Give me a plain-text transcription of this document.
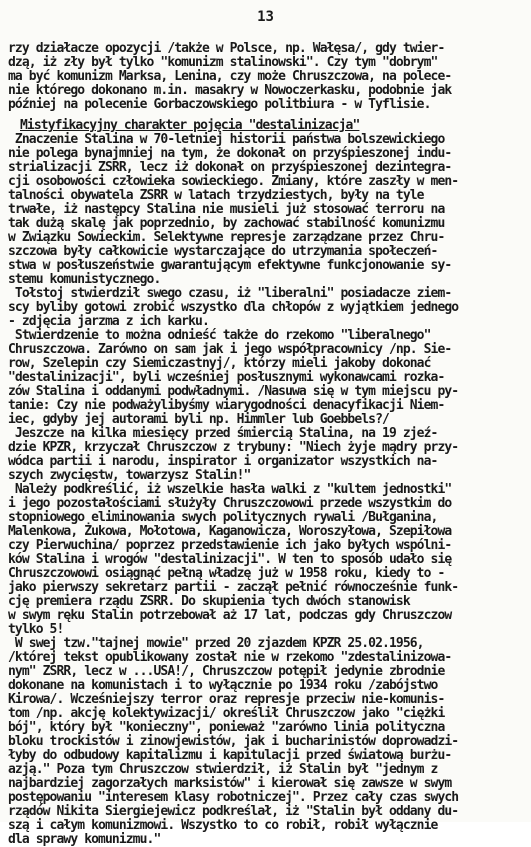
13
rzy działacze opozycji /także w Polsce, np. Wałęsa/, gdy twier-
dzą, iż zły był tylko "komunizm stalinowski". Czy tym "dobrym"
ma być komunizm Marksa, Lenina, czy może Chruszczowa, na polece-
nie którego dokonano m.in. masakry w Nowoczerkasku, podobnie jak
później na polecenie Gorbaczowskiego politbiura - w Tyflisie.
Mistyfikacyjny charakter pojęcia "destalinizacja"
Znaczenie Stalina w 70-letniej historii państwa bolszewickiego
nie polega bynajmniej na tym, że dokonał on przyśpieszonej indu-
strializacji ZSRR, lecz iż dokonał on przyśpieszonej dezintegra-
cji osobowości człowieka sowieckiego. Zmiany, które zaszły w men-
talności obywatela ZSRR w latach trzydziestych, były na tyle
trwałe, iż następcy Stalina nie musieli już stosować terroru na
tak dużą skalę jak poprzednio, by zachować stabilność komunizmu
w Związku Sowieckim. Selektywne represje zarządzane przez Chru-
szczowa były całkowicie wystarczające do utrzymania społeczeń-
stwa w posłuszeństwie gwarantującym efektywne funkcjonowanie sy-
stemu komunistycznego.
Tołstoj stwierdził swego czasu, iż "liberalni" posiadacze ziem-
scy byliby gotowi zrobić wszystko dla chłopów z wyjątkiem jednego
- zdjęcia jarzma z ich karku.
Stwierdzenie to można odnieść także do rzekomo "liberalnego"
Chruszczowa. Zarówno on sam jak i jego współpracownicy /np. Sie-
row, Szelepin czy Siemiczastnyj/, którzy mieli jakoby dokonać
"destalinizacji", byli wcześniej posłusznymi wykonawcami rozka-
zów Stalina i oddanymi podwładnymi. /Nasuwa się w tym miejscu py-
tanie: Czy nie podważylibyśmy wiarygodności denacyfikacji Niem-
iec, gdyby jej autorami byli np. Himmler lub Goebbels?/
Jeszcze na kilka miesięcy przed śmiercią Stalina, na 19 zjeź-
dzie KPZR, krzyczał Chruszczow z trybuny: "Niech żyje mądry przy-
wódca partii i narodu, inspirator i organizator wszystkich na-
szych zwycięstw, towarzysz Stalin!"
Należy podkreślić, iż wszelkie hasła walki z "kultem jednostki"
i jego pozostałościami służyły Chruszczowowi przede wszystkim do
stopniowego eliminowania swych politycznych rywali /Bułganina,
Malenkowa, Żukowa, Mołotowa, Kaganowicza, Woroszyłowa, Szepiłowa
czy Pierwuchina/ poprzez przedstawienie ich jako byłych wspólni-
ków Stalina i wrogów "destalinizacji". W ten to sposób udało się
Chruszczowowi osiągnąć pełną władzę już w 1958 roku, kiedy to -
jako pierwszy sekretarz partii - zaczął pełnić równocześnie funk-
cję premiera rządu ZSRR. Do skupienia tych dwóch stanowisk
w swym ręku Stalin potrzebował aż 17 lat, podczas gdy Chruszczow
tylko 5!
W swej tzw."tajnej mowie" przed 20 zjazdem KPZR 25.02.1956,
/której tekst opublikowany został nie w rzekomo "zdestalinizowa-
nym" ZSRR, lecz w ...USA!/, Chruszczow potępił jedynie zbrodnie
dokonane na komunistach i to wyłącznie po 1934 roku /zabójstwo
Kirowa/. Wcześniejszy terror oraz represje przeciw nie-komunis-
tom /np. akcję kolektywizacji/ określił Chruszczow jako "ciężki
bój", który był "konieczny", ponieważ "zarówno linia polityczna
bloku trockistów i zinowjewistów, jak i bucharinistów doprowadzi-
łyby do odbudowy kapitalizmu i kapitulacji przed światową burżu-
azją." Poza tym Chruszczow stwierdził, iż Stalin był "jednym z
najbardziej zagorzałych marksistów" i kierował się zawsze w swym
postępowaniu "interesem klasy robotniczej". Przez cały czas swych
rządów Nikita Siergiejewicz podkreślał, iż "Stalin był oddany du-
szą i całym komunizmowi. Wszystko to co robił, robił wyłącznie
dla sprawy komunizmu."
